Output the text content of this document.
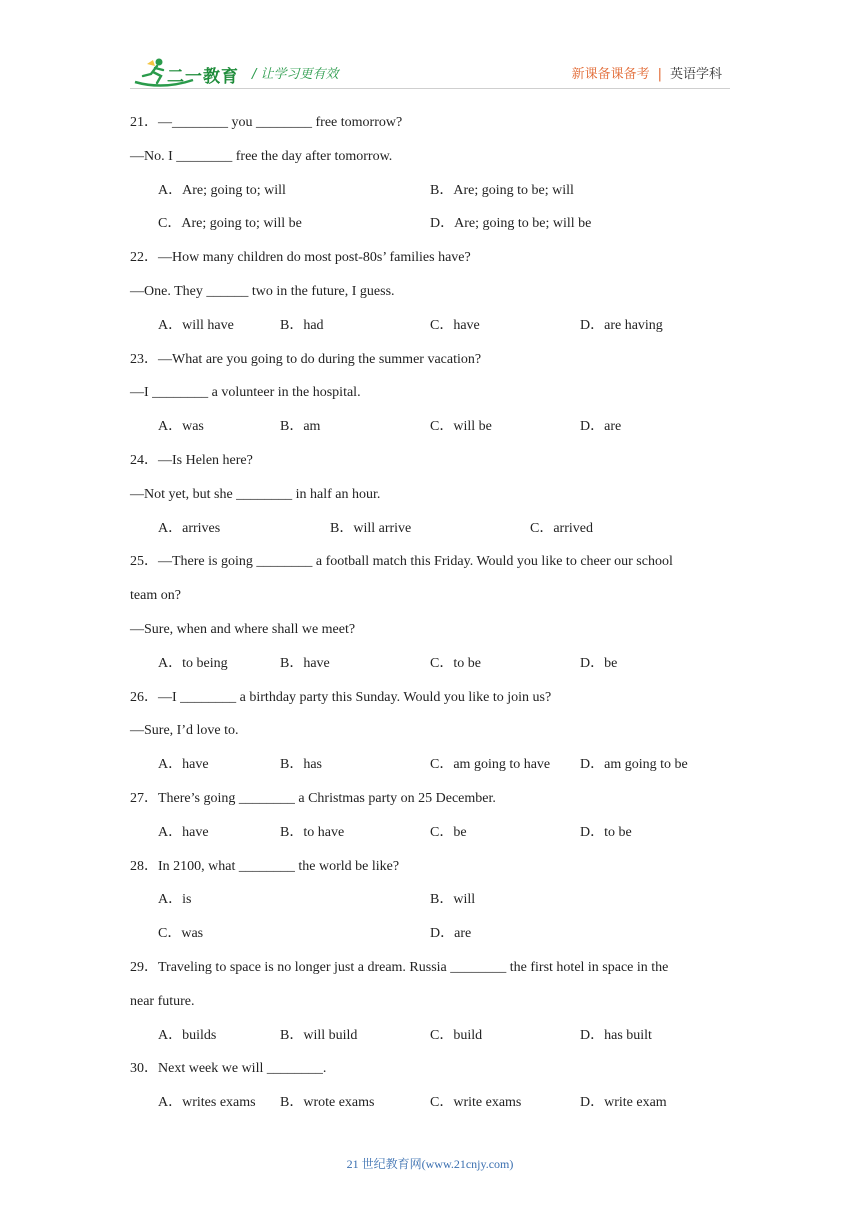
二一教育 / 让学习更有效	新课备课备考 | 英语学科
21．—________ you ________ free tomorrow?
—No. I ________ free the day after tomorrow.
A．Are; going to; will	B．Are; going to be; will
C．Are; going to; will be	D．Are; going to be; will be
22．—How many children do most post-80s’ families have?
—One. They ______ two in the future, I guess.
A．will have	B．had	C．have	D．are having
23．—What are you going to do during the summer vacation?
—I ________ a volunteer in the hospital.
A．was	B．am	C．will be	D．are
24．—Is Helen here?
—Not yet, but she ________ in half an hour.
A．arrives	B．will arrive	C．arrived
25．—There is going ________ a football match this Friday. Would you like to cheer our school
team on?
—Sure, when and where shall we meet?
A．to being	B．have	C．to be	D．be
26．—I ________ a birthday party this Sunday. Would you like to join us?
—Sure, I’d love to.
A．have	B．has	C．am going to have D．am going to be
27．There’s going ________ a Christmas party on 25 December.
A．have	B．to have	C．be	D．to be
28．In 2100, what ________ the world be like?
A．is	B．will
C．was	D．are
29．Traveling to space is no longer just a dream. Russia ________ the first hotel in space in the
near future.
A．builds	B．will build	C．build	D．has built
30．Next week we will ________.
A．writes exams B．wrote exams	C．write exams	D．write exam
21 世纪教育网(www.21cnjy.com)
